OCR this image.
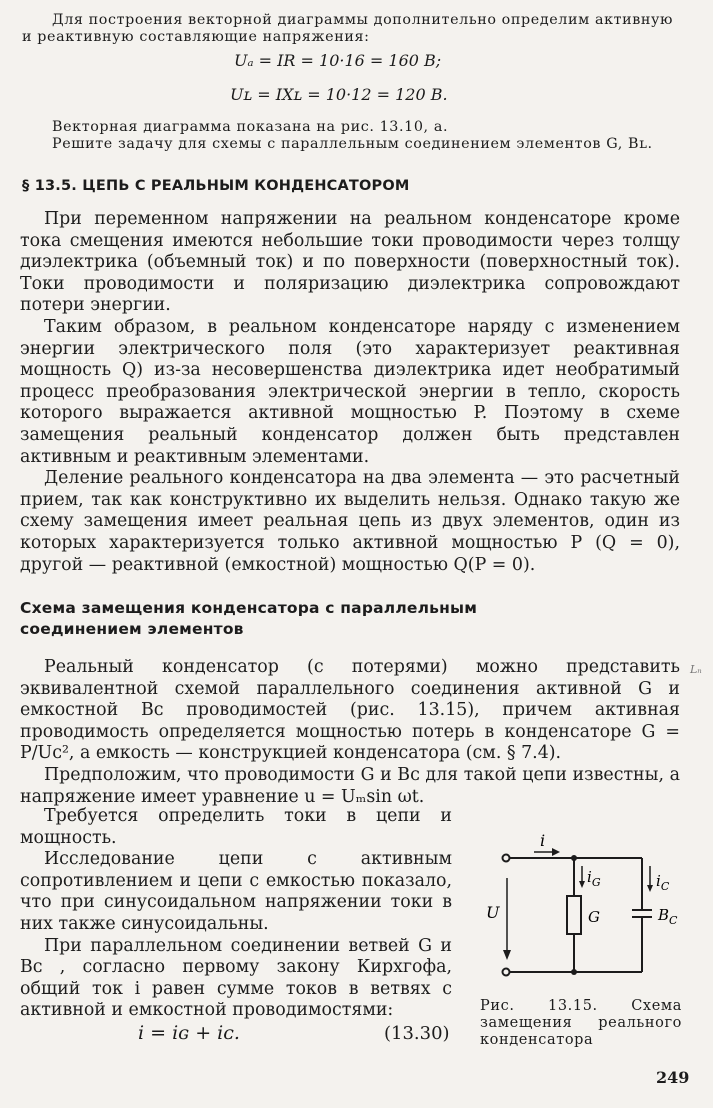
Для построения векторной диаграммы дополнительно определим активную
и реактивную составляющие напряжения:
Uₐ = IR = 10·16 = 160 В;
Uʟ = IXʟ = 10·12 = 120 В.
Векторная диаграмма показана на рис. 13.10, а.
Решите задачу для схемы с параллельным соединением элементов G, Bʟ.
§ 13.5. ЦЕПЬ С РЕАЛЬНЫМ КОНДЕНСАТОРОМ
При переменном напряжении на реальном конденсаторе кроме тока смещения имеются небольшие токи проводимости через толщу диэлектрика (объемный ток) и по поверхности (поверхностный ток). Токи проводимости и поляризацию диэлектрика сопровождают потери энергии.
Таким образом, в реальном конденсаторе наряду с изменением энергии электрического поля (это характеризует реактивная мощность Q) из-за несовершенства диэлектрика идет необратимый процесс преобразования электрической энергии в тепло, скорость которого выражается активной мощностью P. Поэтому в схеме замещения реальный конденсатор должен быть представлен активным и реактивным элементами.
Деление реального конденсатора на два элемента — это расчетный прием, так как конструктивно их выделить нельзя. Однако такую же схему замещения имеет реальная цепь из двух элементов, один из которых характеризуется только активной мощностью P (Q = 0), другой — реактивной (емкостной) мощностью Q(P = 0).
Схема замещения конденсатора с параллельным
соединением элементов
Реальный конденсатор (с потерями) можно представить эквивалентной схемой параллельного соединения активной G и емкостной Bᴄ проводимостей (рис. 13.15), причем активная проводимость определяется мощностью потерь в конденсаторе G = P/Uᴄ², а емкость — конструкцией конденсатора (см. § 7.4).
Предположим, что проводимости G и Bᴄ для такой цепи известны, а напряжение имеет уравнение u = Uₘsin ωt.
Lₙ
Требуется определить токи в цепи и мощность.
Исследование цепи с активным сопротивлением и цепи с емкостью показало, что при синусоидальном напряжении токи в них также синусоидальны.
При параллельном соединении ветвей G и Bᴄ , согласно первому закону Кирхгофа, общий ток i равен сумме токов в ветвях с активной и емкостной проводимостями:
i = iɢ + iᴄ.	(13.30)
i
U
$i_G$	$i_C$
G	$B_C$
Рис. 13.15. Схема замещения реального конденсатора
249
